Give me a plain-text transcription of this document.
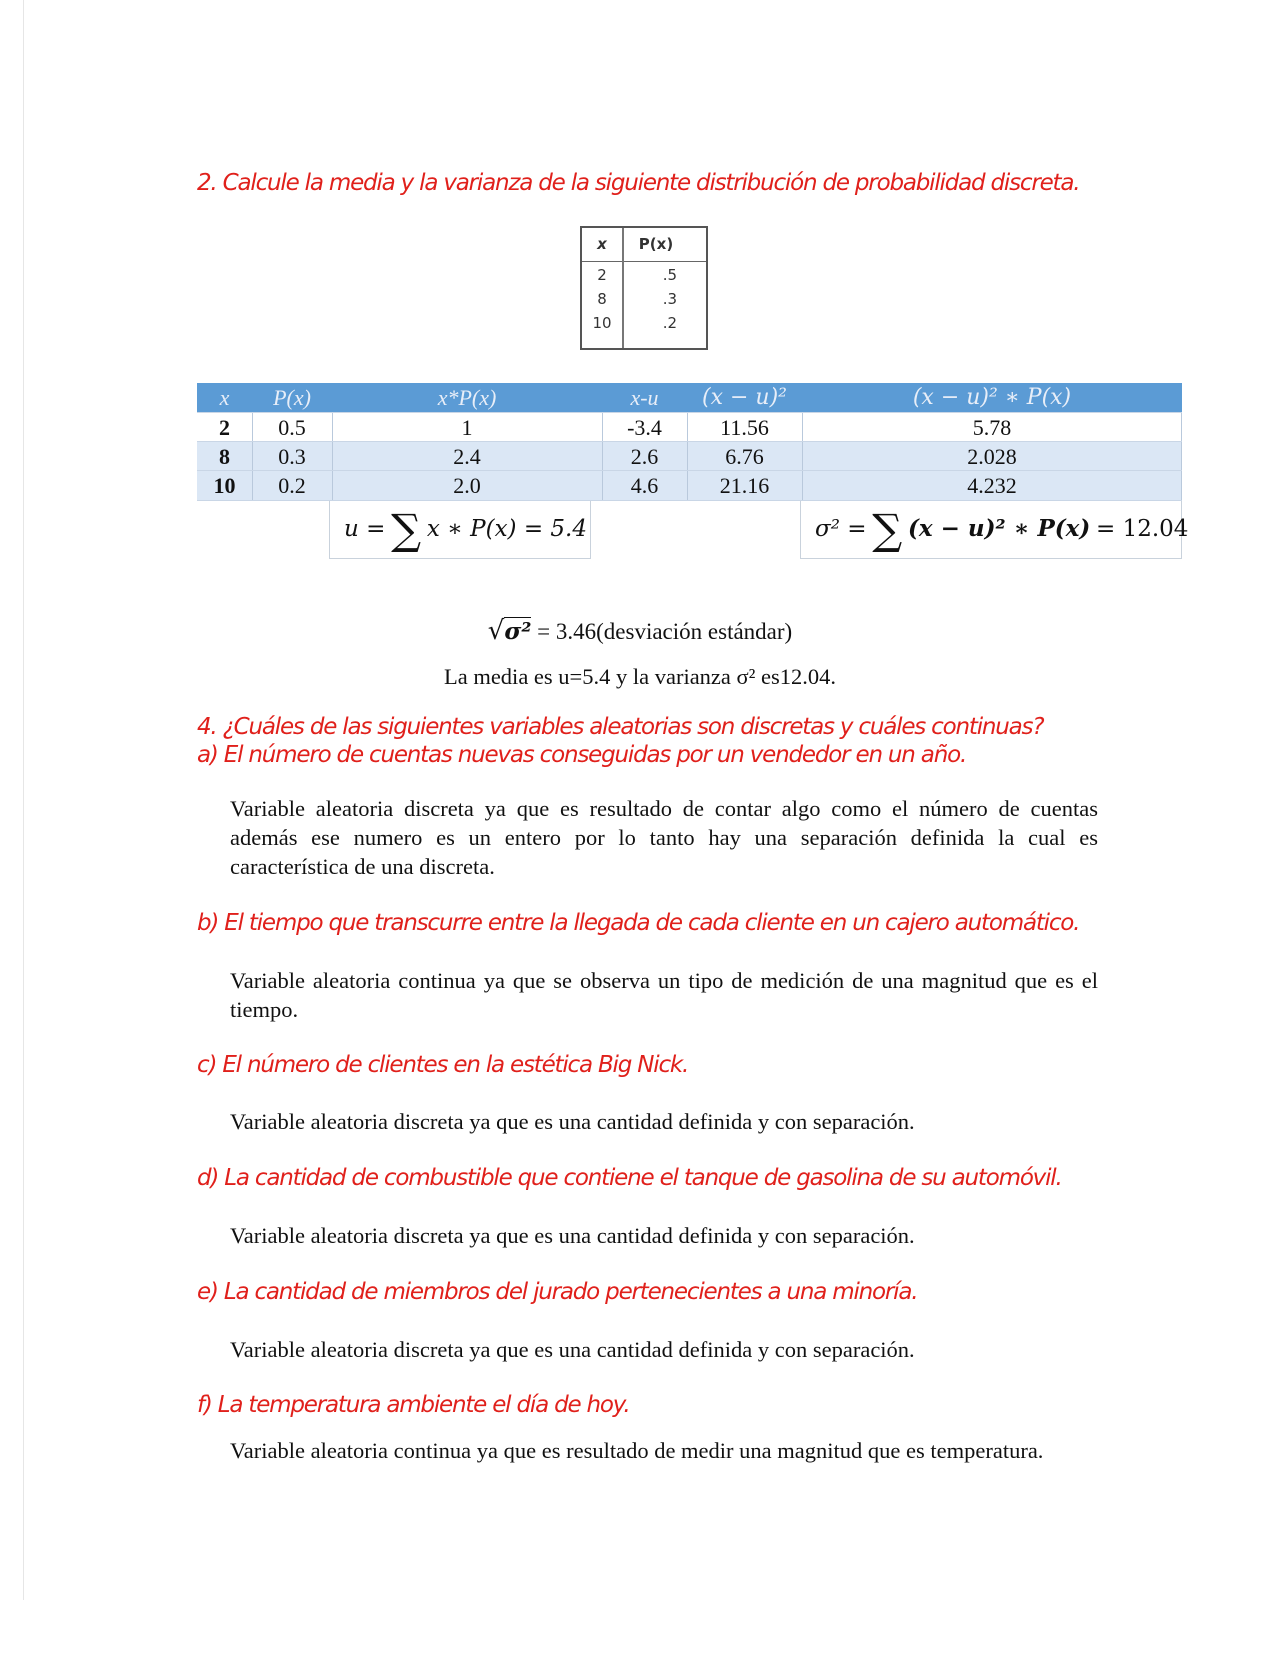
2. Calcule la media y la varianza de la siguiente distribución de probabilidad discreta.
x	P(x)
2	.5
8	.3
10	.2
x	P(x)	x*P(x)	x-u	(x − u)²	(x − u)² ∗ P(x)
2	0.5	1	-3.4	11.56	5.78
8	0.3	2.4	2.6	6.76	2.028
10	0.2	2.0	4.6	21.16	4.232
u = ∑ x ∗ P(x) = 5.4	σ² = ∑ (x − u)² ∗ P(x) = 12.04
√σ² = 3.46(desviación estándar)
La media es u=5.4 y la varianza σ² es12.04.
4. ¿Cuáles de las siguientes variables aleatorias son discretas y cuáles continuas?
a) El número de cuentas nuevas conseguidas por un vendedor en un año.
Variable aleatoria discreta ya que es resultado de contar algo como el número de cuentas además ese numero es un entero por lo tanto hay una separación definida la cual es característica de una discreta.
b) El tiempo que transcurre entre la llegada de cada cliente en un cajero automático.
Variable aleatoria continua ya que se observa un tipo de medición de una magnitud que es el tiempo.
c) El número de clientes en la estética Big Nick.
Variable aleatoria discreta ya que es una cantidad definida y con separación.
d) La cantidad de combustible que contiene el tanque de gasolina de su automóvil.
Variable aleatoria discreta ya que es una cantidad definida y con separación.
e) La cantidad de miembros del jurado pertenecientes a una minoría.
Variable aleatoria discreta ya que es una cantidad definida y con separación.
f) La temperatura ambiente el día de hoy.
Variable aleatoria continua ya que es resultado de medir una magnitud que es temperatura.
